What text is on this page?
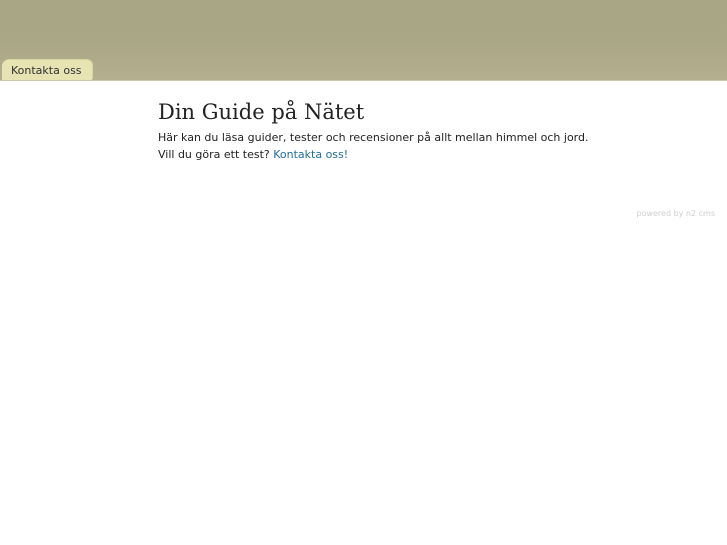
Kontakta oss
Din Guide på Nätet

Här kan du läsa guider, tester och recensioner på allt mellan himmel och jord.

Vill du göra ett test? Kontakta oss!

powered by n2 cms
